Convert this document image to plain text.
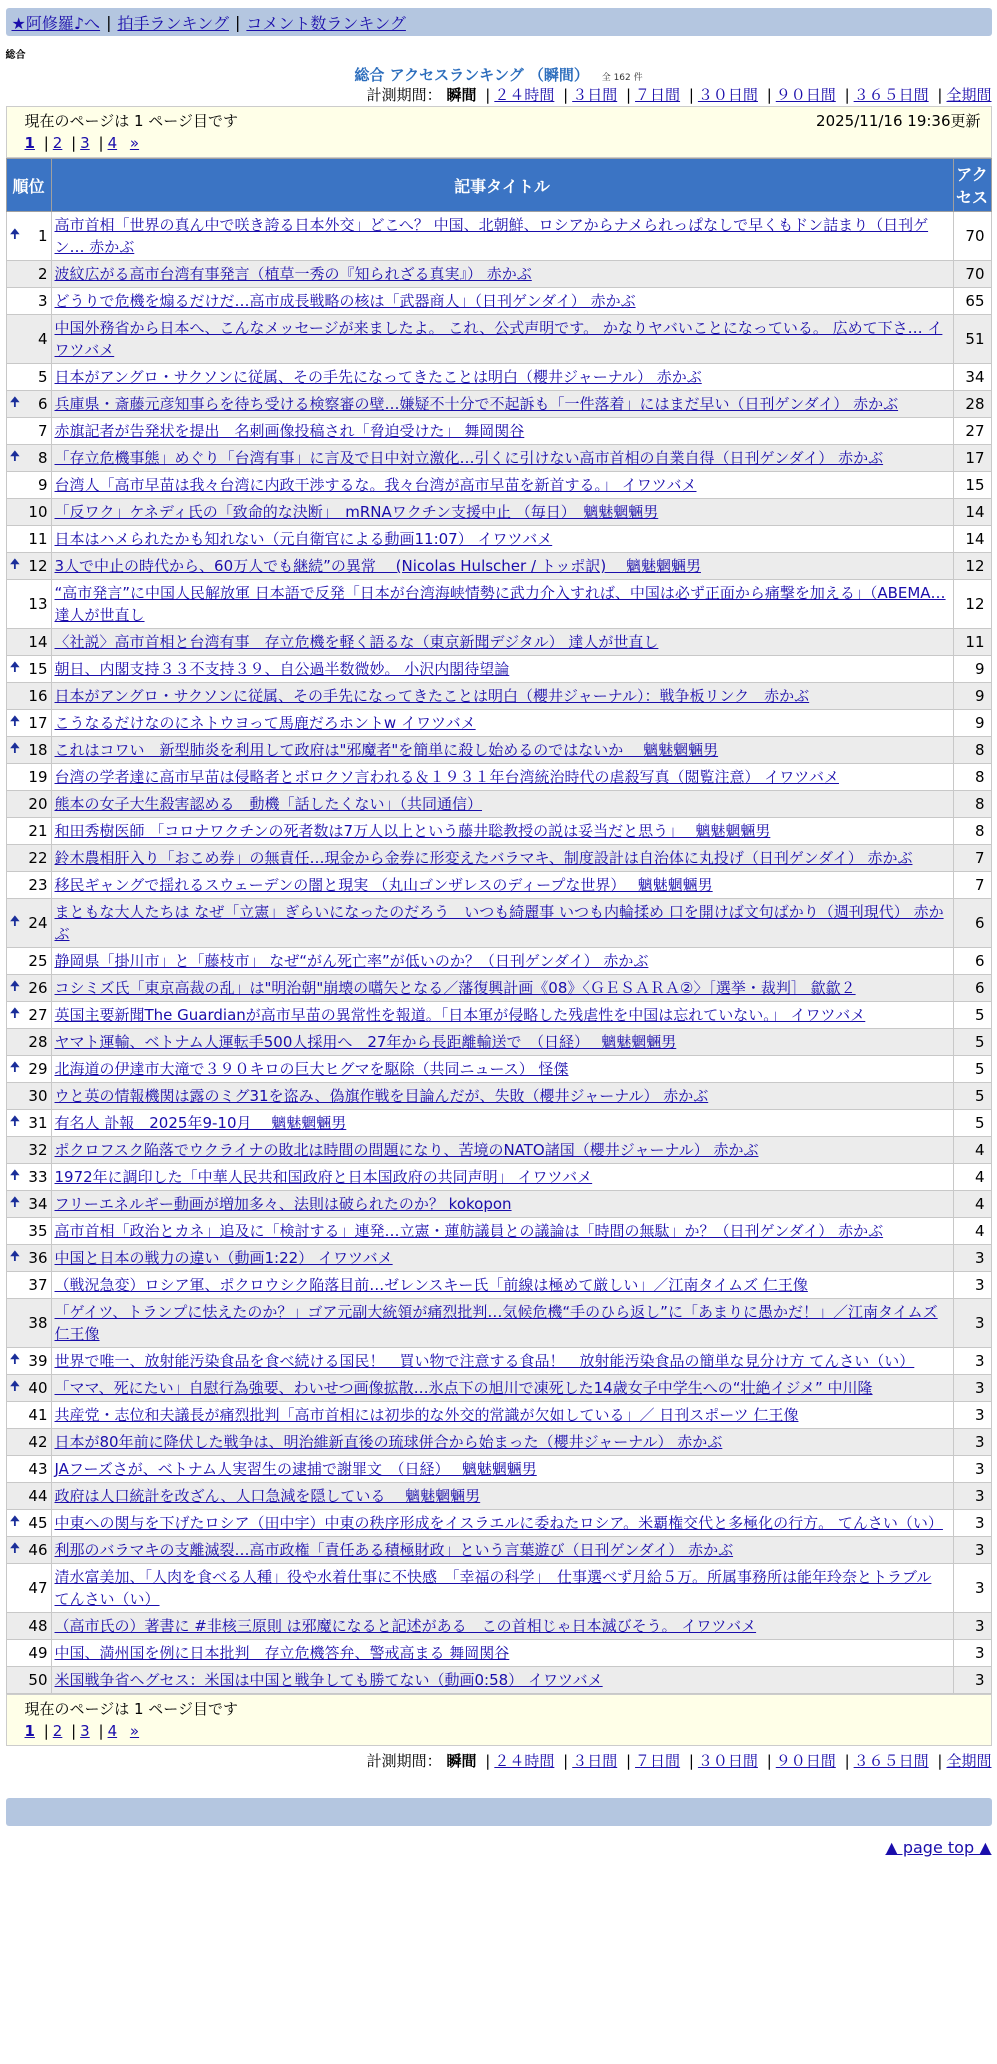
★阿修羅♪へ | 拍手ランキング | コメント数ランキング
総合
総合 アクセスランキング （瞬間） 全 162 件
計測期間： 瞬間 | ２４時間 | ３日間 | ７日間 | ３０日間 | ９０日間 | ３６５日間 | 全期間
現在のページは 1 ページ目です	2025/11/16 19:36更新
1 | 2 | 3 | 4 »
順位	記事タイトル	アクセス

🠉 1	高市首相「世界の真ん中で咲き誇る日本外交」どこへ？ 中国、北朝鮮、ロシアからナメられっぱなしで早くもドン詰まり（日刊ゲン… 赤かぶ	70
2	波紋広がる高市台湾有事発言（植草一秀の『知られざる真実』） 赤かぶ	70
3	どうりで危機を煽るだけだ…高市成長戦略の核は「武器商人」（日刊ゲンダイ） 赤かぶ	65
4	中国外務省から日本へ、こんなメッセージが来ましたよ。 これ、公式声明です。 かなりヤバいことになっている。 広めて下さ… イワツバメ	51
5	日本がアングロ・サクソンに従属、その手先になってきたことは明白（櫻井ジャーナル） 赤かぶ	34

🠉 6	兵庫県・斎藤元彦知事らを待ち受ける検察審の壁…嫌疑不十分で不起訴も「一件落着」にはまだ早い（日刊ゲンダイ） 赤かぶ	28
7	赤旗記者が告発状を提出　名刺画像投稿され「脅迫受けた」 舞岡関谷	27

🠉 8	「存立危機事態」めぐり「台湾有事」に言及で日中対立激化…引くに引けない高市首相の自業自得（日刊ゲンダイ） 赤かぶ	17
9	台湾人「高市早苗は我々台湾に内政干渉するな。我々台湾が高市早苗を新首する。」 イワツバメ	15
10	「反ワク」ケネディ氏の「致命的な決断」　mRNAワクチン支援中止 （毎日）　魑魅魍魎男	14
11	日本はハメられたかも知れない（元自衛官による動画11:07） イワツバメ	14

🠉 12	3人で中止の時代から、60万人でも継続”の異常　 (Nicolas Hulscher / トッポ訳)　 魑魅魍魎男	12
13	“高市発言”に中国人民解放軍 日本語で反発「日本が台湾海峡情勢に武力介入すれば、中国は必ず正面から痛撃を加える」（ABEMA… 達人が世直し	12
14	〈社説〉高市首相と台湾有事　存立危機を軽く語るな（東京新聞デジタル） 達人が世直し	11

🠉 15	朝日、内閣支持３３不支持３９、自公過半数微妙。 小沢内閣待望論	9
16	日本がアングロ・サクソンに従属、その手先になってきたことは明白（櫻井ジャーナル）：戦争板リンク　赤かぶ	9

🠉 17	こうなるだけなのにネトウヨって馬鹿だろホントw イワツバメ	9

🠉 18	これはコワい　新型肺炎を利用して政府は"邪魔者"を簡単に殺し始めるのではないか　 魑魅魍魎男	8
19	台湾の学者達に高市早苗は侵略者とボロクソ言われる＆１９３１年台湾統治時代の虐殺写真（閲覧注意） イワツバメ	8
20	熊本の女子大生殺害認める　動機「話したくない」（共同通信）	8
21	和田秀樹医師 「コロナワクチンの死者数は7万人以上という藤井聡教授の説は妥当だと思う」　 魑魅魍魎男	8
22	鈴木農相肝入り「おこめ券」の無責任…現金から金券に形変えたバラマキ、制度設計は自治体に丸投げ（日刊ゲンダイ） 赤かぶ	7
23	移民ギャングで揺れるスウェーデンの闇と現実 （丸山ゴンザレスのディープな世界）　 魑魅魍魎男	7

🠉 24	まともな大人たちは なぜ「立憲」ぎらいになったのだろう　いつも綺麗事 いつも内輪揉め 口を開けば文句ばかり（週刊現代） 赤かぶ	6
25	静岡県「掛川市」と「藤枝市」 なぜ“がん死亡率”が低いのか？（日刊ゲンダイ） 赤かぶ	6

🠉 26	コシミズ氏「東京高裁の乱」は"明治朝"崩壊の嚆矢となる／藩復興計画《08》〈ＧＥＳＡＲＡ②〉［選挙・裁判］ 歙歙２	6

🠉 27	英国主要新聞The Guardianが高市早苗の異常性を報道。「日本軍が侵略した残虐性を中国は忘れていない。」 イワツバメ	5
28	ヤマト運輸、ベトナム人運転手500人採用へ　27年から長距離輸送で　（日経）　 魑魅魍魎男	5

🠉 29	北海道の伊達市大滝で３９０キロの巨大ヒグマを駆除（共同ニュース） 怪傑	5
30	ウと英の情報機関は露のミグ31を盗み、偽旗作戦を目論んだが、失敗（櫻井ジャーナル） 赤かぶ	5

🠉 31	有名人 訃報　2025年9-10月　 魑魅魍魎男	5
32	ポクロフスク陥落でウクライナの敗北は時間の問題になり、苦境のNATO諸国（櫻井ジャーナル） 赤かぶ	4

🠉 33	1972年に調印した「中華人民共和国政府と日本国政府の共同声明」 イワツバメ	4

🠉 34	フリーエネルギー動画が増加多々、法則は破られたのか？ kokopon	4
35	高市首相「政治とカネ」追及に「検討する」連発…立憲・蓮舫議員との議論は「時間の無駄」か？（日刊ゲンダイ） 赤かぶ	4

🠉 36	中国と日本の戦力の違い（動画1:22） イワツバメ	3
37	（戦況急変）ロシア軍、ポクロウシク陥落目前…ゼレンスキー氏「前線は極めて厳しい」／江南タイムズ 仁王像	3
38	「ゲイツ、トランプに怯えたのか？」ゴア元副大統領が痛烈批判…気候危機“手のひら返し”に「あまりに愚かだ！」／江南タイムズ 仁王像	3

🠉 39	世界で唯一、放射能汚染食品を食べ続ける国民！　買い物で注意する食品！　放射能汚染食品の簡単な見分け方 てんさい（い）	3

🠉 40	「ママ、死にたい」自慰行為強要、わいせつ画像拡散…氷点下の旭川で凍死した14歳女子中学生への“壮絶イジメ” 中川隆	3
41	共産党・志位和夫議長が痛烈批判「高市首相には初歩的な外交的常識が欠如している」／ 日刊スポーツ 仁王像	3
42	日本が80年前に降伏した戦争は、明治維新直後の琉球併合から始まった（櫻井ジャーナル） 赤かぶ	3
43	JAフーズさが、ベトナム人実習生の逮捕で謝罪文　（日経）　 魑魅魍魎男	3
44	政府は人口統計を改ざん、人口急減を隠している　 魑魅魍魎男	3

🠉 45	中東への関与を下げたロシア（田中宇）中東の秩序形成をイスラエルに委ねたロシア。米覇権交代と多極化の行方。 てんさい（い）	3

🠉 46	利那のバラマキの支離滅裂…高市政権「責任ある積極財政」という言葉遊び（日刊ゲンダイ） 赤かぶ	3
47	清水富美加、「人肉を食べる人種」役や水着仕事に不快感　「幸福の科学」　仕事選べず月給５万。所属事務所は能年玲奈とトラブル てんさい（い）	3
48	（高市氏の）著書に #非核三原則 は邪魔になると記述がある　この首相じゃ日本滅びそう。 イワツバメ	3
49	中国、満州国を例に日本批判　存立危機答弁、警戒高まる 舞岡関谷	3
50	米国戦争省ヘグセス：米国は中国と戦争しても勝てない（動画0:58） イワツバメ	3
現在のページは 1 ページ目です
1 | 2 | 3 | 4 »
計測期間： 瞬間 | ２４時間 | ３日間 | ７日間 | ３０日間 | ９０日間 | ３６５日間 | 全期間
▲ page top ▲
